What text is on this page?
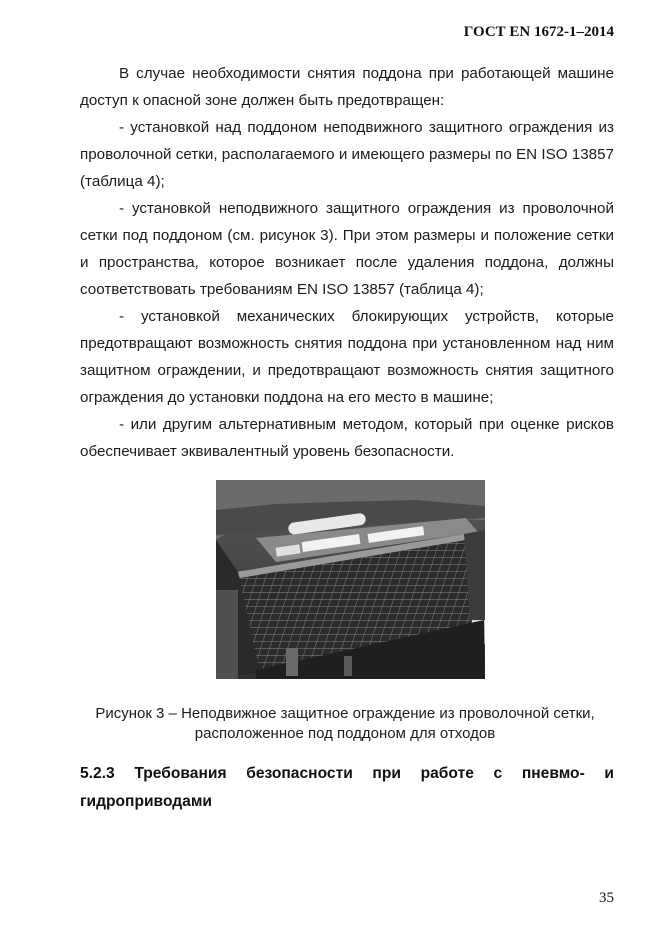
ГОСТ EN 1672-1–2014

В случае необходимости снятия поддона при работающей машине доступ к опасной зоне должен быть предотвращен:

- установкой над поддоном неподвижного защитного ограждения из проволочной сетки, располагаемого и имеющего размеры по EN ISO 13857 (таблица 4);

- установкой неподвижного защитного ограждения из проволочной сетки под поддоном (см. рисунок 3). При этом размеры и положение сетки и пространства, которое возникает после удаления поддона, должны соответствовать требованиям EN ISO 13857 (таблица 4);

- установкой механических блокирующих устройств, которые предотвращают возможность снятия поддона при установленном над ним защитном ограждении, и предотвращают возможность снятия защитного ограждения до установки поддона на его место в машине;

- или другим альтернативным методом, который при оценке рисков обеспечивает эквивалентный уровень безопасности.

Рисунок 3 – Неподвижное защитное ограждение из проволочной сетки,
расположенное под поддоном для отходов
5.2.3 Требования безопасности при работе с пневмо- и гидроприводами
35
